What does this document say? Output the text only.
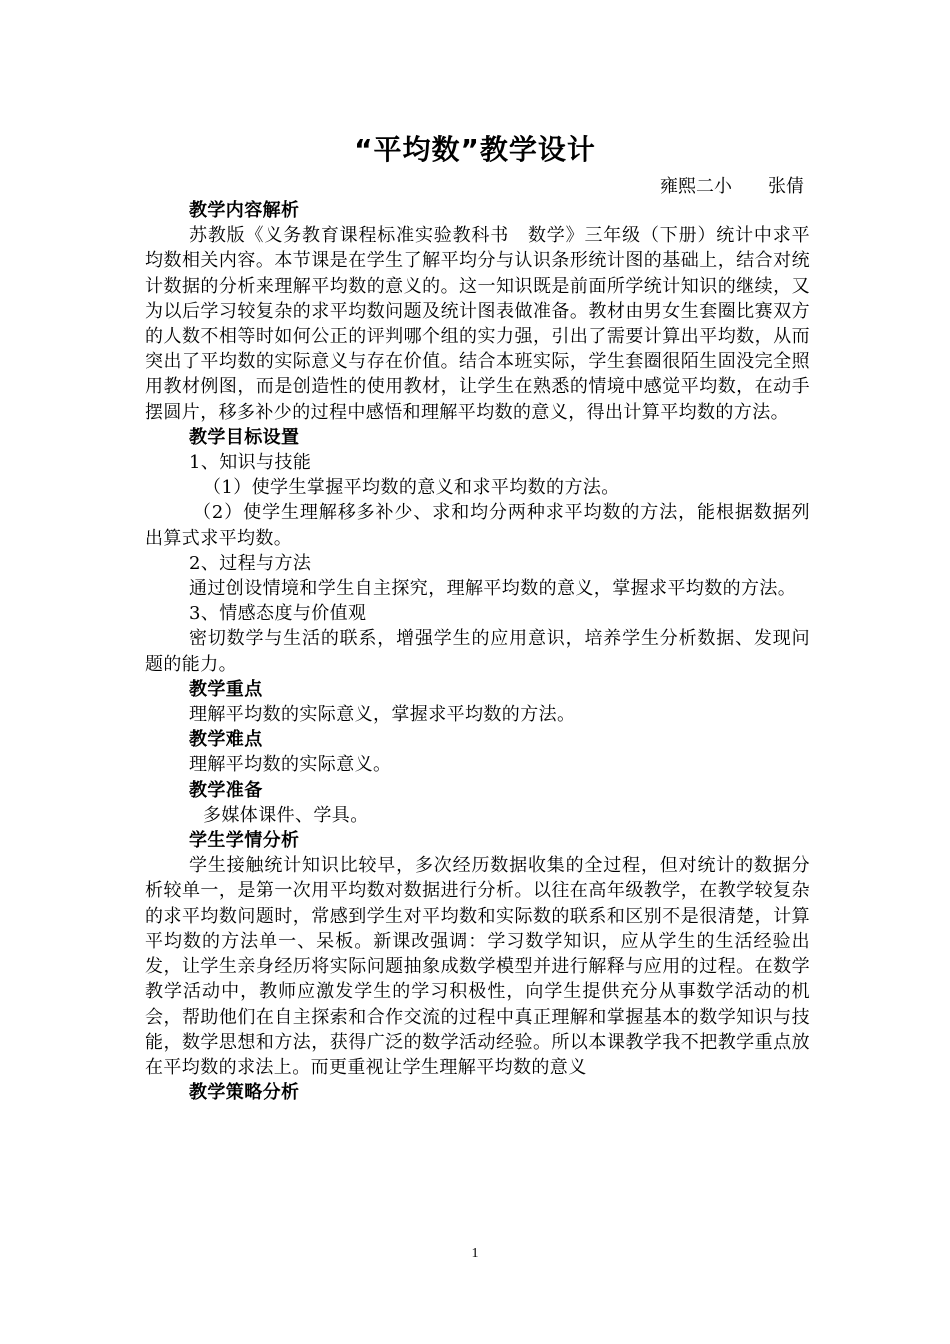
“平均数”教学设计
雍熙二小　　张倩

教学内容解析

苏教版《义务教育课程标准实验教科书　数学》三年级（下册）统计中求平均数相关内容。本节课是在学生了解平均分与认识条形统计图的基础上，结合对统计数据的分析来理解平均数的意义的。这一知识既是前面所学统计知识的继续，又为以后学习较复杂的求平均数问题及统计图表做准备。教材由男女生套圈比赛双方的人数不相等时如何公正的评判哪个组的实力强，引出了需要计算出平均数，从而突出了平均数的实际意义与存在价值。结合本班实际，学生套圈很陌生固没完全照用教材例图，而是创造性的使用教材，让学生在熟悉的情境中感觉平均数，在动手摆圆片，移多补少的过程中感悟和理解平均数的意义，得出计算平均数的方法。

教学目标设置

1、知识与技能

（1）使学生掌握平均数的意义和求平均数的方法。

（2）使学生理解移多补少、求和均分两种求平均数的方法，能根据数据列出算式求平均数。

2、过程与方法

通过创设情境和学生自主探究，理解平均数的意义，掌握求平均数的方法。

3、情感态度与价值观

密切数学与生活的联系，增强学生的应用意识，培养学生分析数据、发现问题的能力。

教学重点

理解平均数的实际意义，掌握求平均数的方法。

教学难点

理解平均数的实际意义。

教学准备

多媒体课件、学具。

学生学情分析

学生接触统计知识比较早，多次经历数据收集的全过程，但对统计的数据分析较单一，是第一次用平均数对数据进行分析。以往在高年级教学，在教学较复杂的求平均数问题时，常感到学生对平均数和实际数的联系和区别不是很清楚，计算平均数的方法单一、呆板。新课改强调：学习数学知识，应从学生的生活经验出发，让学生亲身经历将实际问题抽象成数学模型并进行解释与应用的过程。在数学教学活动中，教师应激发学生的学习积极性，向学生提供充分从事数学活动的机会，帮助他们在自主探索和合作交流的过程中真正理解和掌握基本的数学知识与技能，数学思想和方法，获得广泛的数学活动经验。所以本课教学我不把教学重点放在平均数的求法上。而更重视让学生理解平均数的意义

教学策略分析

1
